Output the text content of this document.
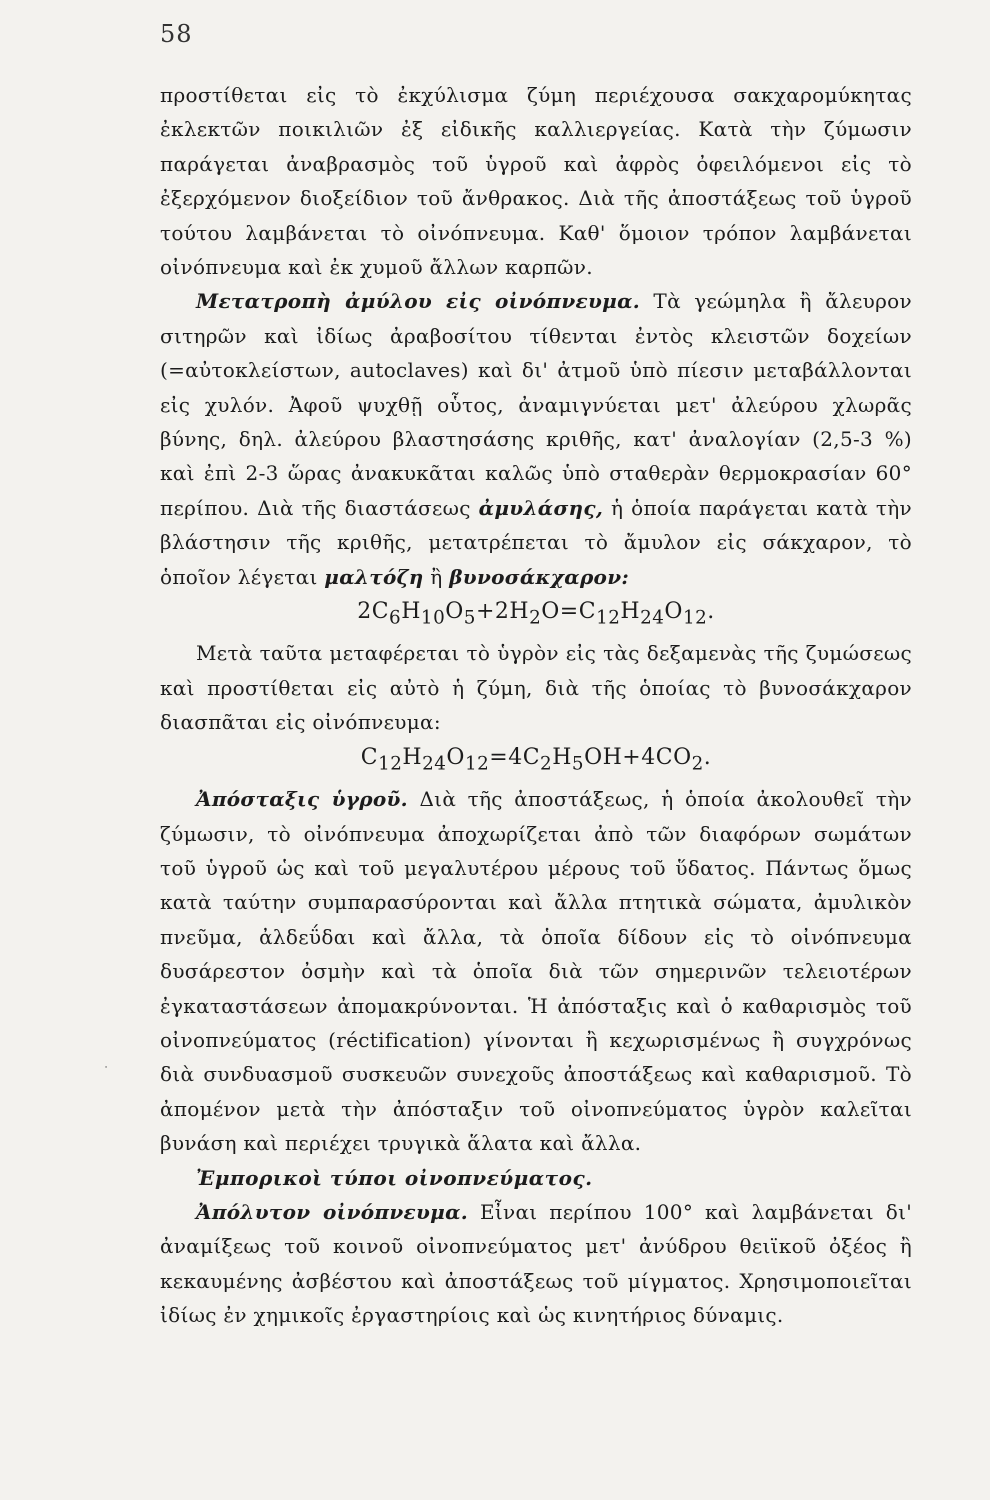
58
ᐧ

προστίθεται εἰς τὸ ἐκχύλισμα ζύμη περιέχουσα σακχαρομύκητας ἐκλεκτῶν ποικιλιῶν ἐξ εἰδικῆς καλλιεργείας. Κατὰ τὴν ζύμωσιν παράγεται ἀναβρασμὸς τοῦ ὑγροῦ καὶ ἀφρὸς ὀφειλόμενοι εἰς τὸ ἐξερχόμενον διοξείδιον τοῦ ἄνθρακος. Διὰ τῆς ἀποστάξεως τοῦ ὑγροῦ τούτου λαμβάνεται τὸ οἰνόπνευμα. Καθ' ὅμοιον τρόπον λαμβάνεται οἰνόπνευμα καὶ ἐκ χυμοῦ ἄλλων καρπῶν.

Μετατροπὴ ἀμύλου εἰς οἰνόπνευμα. Τὰ γεώμηλα ἢ ἄλευρον σιτηρῶν καὶ ἰδίως ἀραβοσίτου τίθενται ἐντὸς κλειστῶν δοχείων (=αὐτοκλείστων, autoclaves) καὶ δι' ἀτμοῦ ὑπὸ πίεσιν μεταβάλλονται εἰς χυλόν. Ἀφοῦ ψυχθῇ οὗτος, ἀναμιγνύεται μετ' ἀλεύρου χλωρᾶς βύνης, δηλ. ἀλεύρου βλαστησάσης κριθῆς, κατ' ἀναλογίαν (2,5-3 %) καὶ ἐπὶ 2-3 ὥρας ἀνακυκᾶται καλῶς ὑπὸ σταθερὰν θερμοκρασίαν 60° περίπου. Διὰ τῆς διαστάσεως ἀμυλάσης, ἡ ὁποία παράγεται κατὰ τὴν βλάστησιν τῆς κριθῆς, μετατρέπεται τὸ ἄμυλον εἰς σάκχαρον, τὸ ὁποῖον λέγεται μαλτόζη ἢ βυνοσάκχαρον:

$2C_6H_{10}O_5+2H_2O=C_{12}H_{24}O_{12}$.

Μετὰ ταῦτα μεταφέρεται τὸ ὑγρὸν εἰς τὰς δεξαμενὰς τῆς ζυμώσεως καὶ προστίθεται εἰς αὐτὸ ἡ ζύμη, διὰ τῆς ὁποίας τὸ βυνοσάκχαρον διασπᾶται εἰς οἰνόπνευμα:

$C_{12}H_{24}O_{12}=4C_2H_5OH+4CO_2$.

Ἀπόσταξις ὑγροῦ. Διὰ τῆς ἀποστάξεως, ἡ ὁποία ἀκολουθεῖ τὴν ζύμωσιν, τὸ οἰνόπνευμα ἀποχωρίζεται ἀπὸ τῶν διαφόρων σωμάτων τοῦ ὑγροῦ ὡς καὶ τοῦ μεγαλυτέρου μέρους τοῦ ὕδατος. Πάντως ὅμως κατὰ ταύτην συμπαρασύρονται καὶ ἄλλα πτητικὰ σώματα, ἀμυλικὸν πνεῦμα, ἀλδεΰδαι καὶ ἄλλα, τὰ ὁποῖα δίδουν εἰς τὸ οἰνόπνευμα δυσάρεστον ὀσμὴν καὶ τὰ ὁποῖα διὰ τῶν σημερινῶν τελειοτέρων ἐγκαταστάσεων ἀπομακρύνονται. Ἡ ἀπόσταξις καὶ ὁ καθαρισμὸς τοῦ οἰνοπνεύματος (réctification) γίνονται ἢ κεχωρισμένως ἢ συγχρόνως διὰ συνδυασμοῦ συσκευῶν συνεχοῦς ἀποστάξεως καὶ καθαρισμοῦ. Τὸ ἀπομένον μετὰ τὴν ἀπόσταξιν τοῦ οἰνοπνεύματος ὑγρὸν καλεῖται βυνάση καὶ περιέχει τρυγικὰ ἅλατα καὶ ἄλλα.

Ἐμπορικοὶ τύποι οἰνοπνεύματος.

Ἀπόλυτον οἰνόπνευμα. Εἶναι περίπου 100° καὶ λαμβάνεται δι' ἀναμίξεως τοῦ κοινοῦ οἰνοπνεύματος μετ' ἀνύδρου θειϊκοῦ ὀξέος ἢ κεκαυμένης ἀσβέστου καὶ ἀποστάξεως τοῦ μίγματος. Χρησιμοποιεῖται ἰδίως ἐν χημικοῖς ἐργαστηρίοις καὶ ὡς κινητήριος δύναμις.
